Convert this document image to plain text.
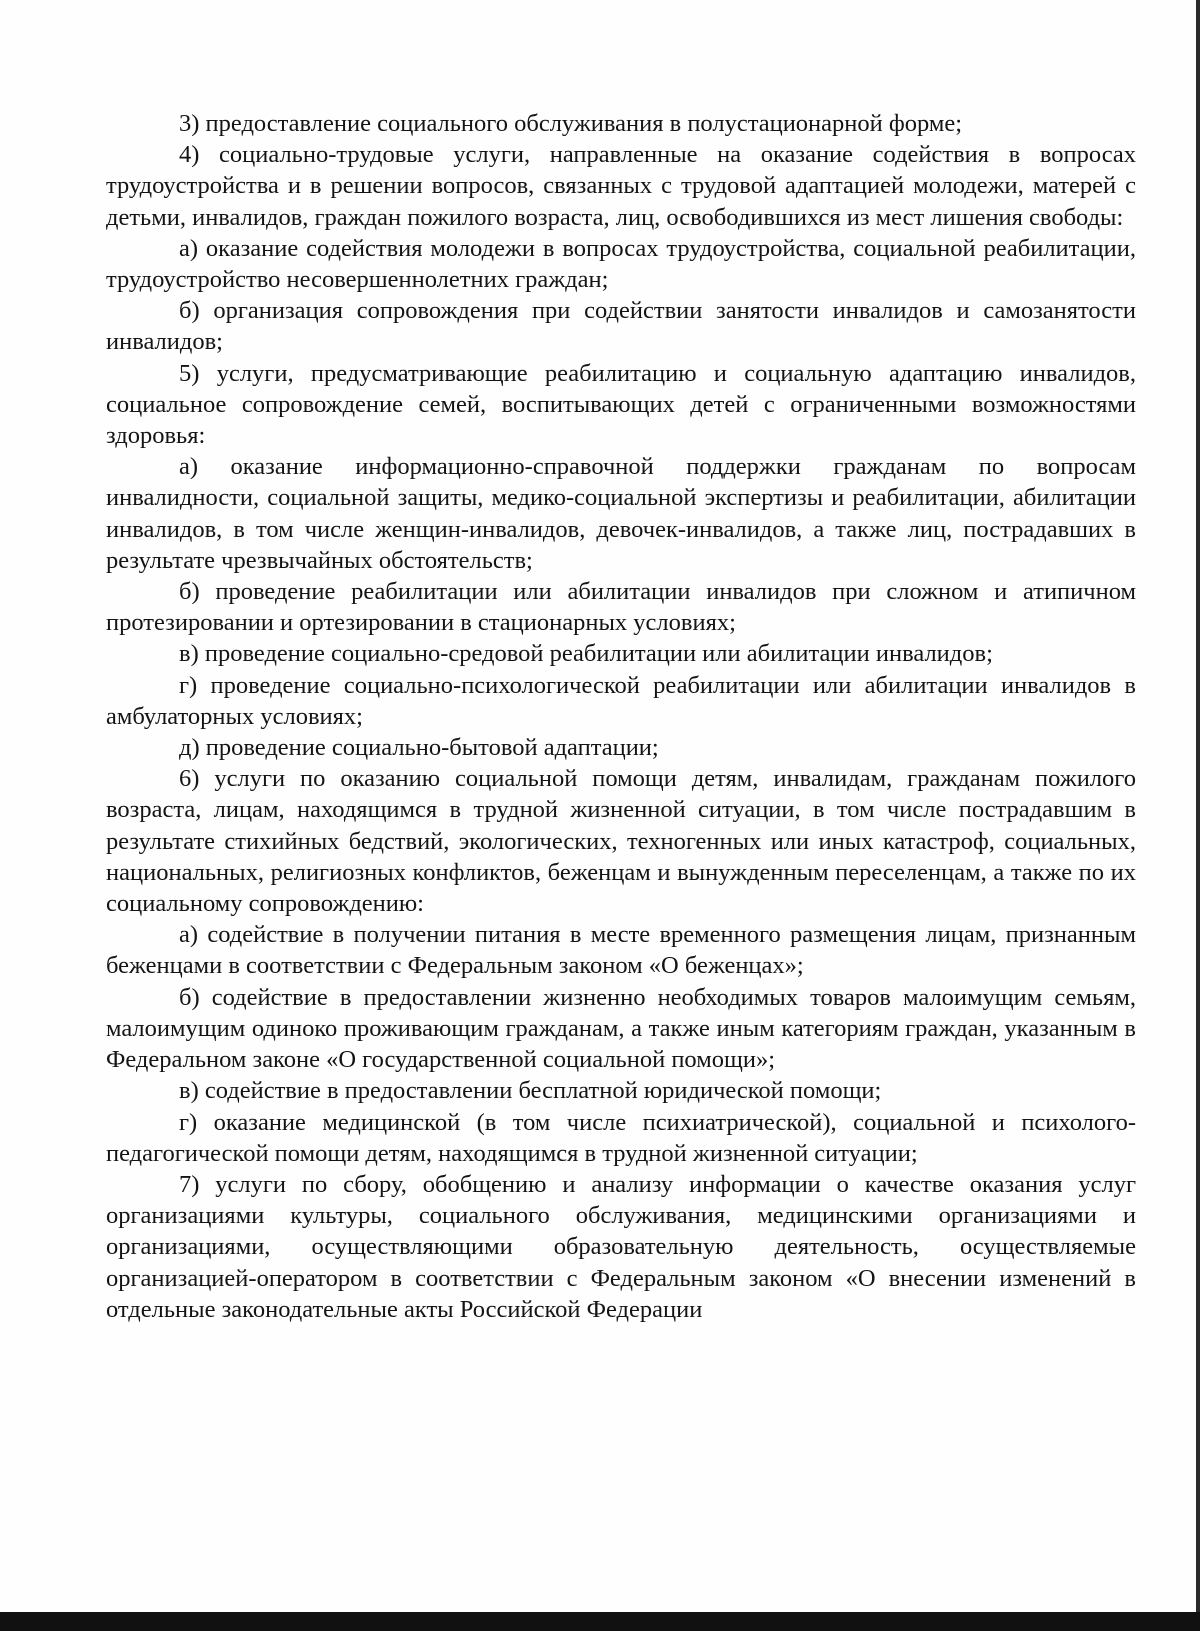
3) предоставление социального обслуживания в полустационарной форме;

4) социально-трудовые услуги, направленные на оказание содействия в вопросах трудоустройства и в решении вопросов, связанных с трудовой адаптацией молодежи, матерей с детьми, инвалидов, граждан пожилого возраста, лиц, освободившихся из мест лишения свободы:

а) оказание содействия молодежи в вопросах трудоустройства, социальной реабилитации, трудоустройство несовершеннолетних граждан;

б) организация сопровождения при содействии занятости инвалидов и самозанятости инвалидов;

5) услуги, предусматривающие реабилитацию и социальную адаптацию инвалидов, социальное сопровождение семей, воспитывающих детей с ограниченными возможностями здоровья:

а) оказание информационно-справочной поддержки гражданам по вопросам инвалидности, социальной защиты, медико-социальной экспертизы и реабилитации, абилитации инвалидов, в том числе женщин-инвалидов, девочек-инвалидов, а также лиц, пострадавших в результате чрезвычайных обстоятельств;

б) проведение реабилитации или абилитации инвалидов при сложном и атипичном протезировании и ортезировании в стационарных условиях;

в) проведение социально-средовой реабилитации или абилитации инвалидов;

г) проведение социально-психологической реабилитации или абилитации инвалидов в амбулаторных условиях;

д) проведение социально-бытовой адаптации;

6) услуги по оказанию социальной помощи детям, инвалидам, гражданам пожилого возраста, лицам, находящимся в трудной жизненной ситуации, в том числе пострадавшим в результате стихийных бедствий, экологических, техногенных или иных катастроф, социальных, национальных, религиозных конфликтов, беженцам и вынужденным переселенцам, а также по их социальному сопровождению:

а) содействие в получении питания в месте временного размещения лицам, признанным беженцами в соответствии с Федеральным законом «О беженцах»;

б) содействие в предоставлении жизненно необходимых товаров малоимущим семьям, малоимущим одиноко проживающим гражданам, а также иным категориям граждан, указанным в Федеральном законе «О государственной социальной помощи»;

в) содействие в предоставлении бесплатной юридической помощи;

г) оказание медицинской (в том числе психиатрической), социальной и психолого-педагогической помощи детям, находящимся в трудной жизненной ситуации;

7) услуги по сбору, обобщению и анализу информации о качестве оказания услуг организациями культуры, социального обслуживания, медицинскими организациями и организациями, осуществляющими образовательную деятельность, осуществляемые организацией-оператором в соответствии с Федеральным законом «О внесении изменений в отдельные законодательные акты Российской Федерации
